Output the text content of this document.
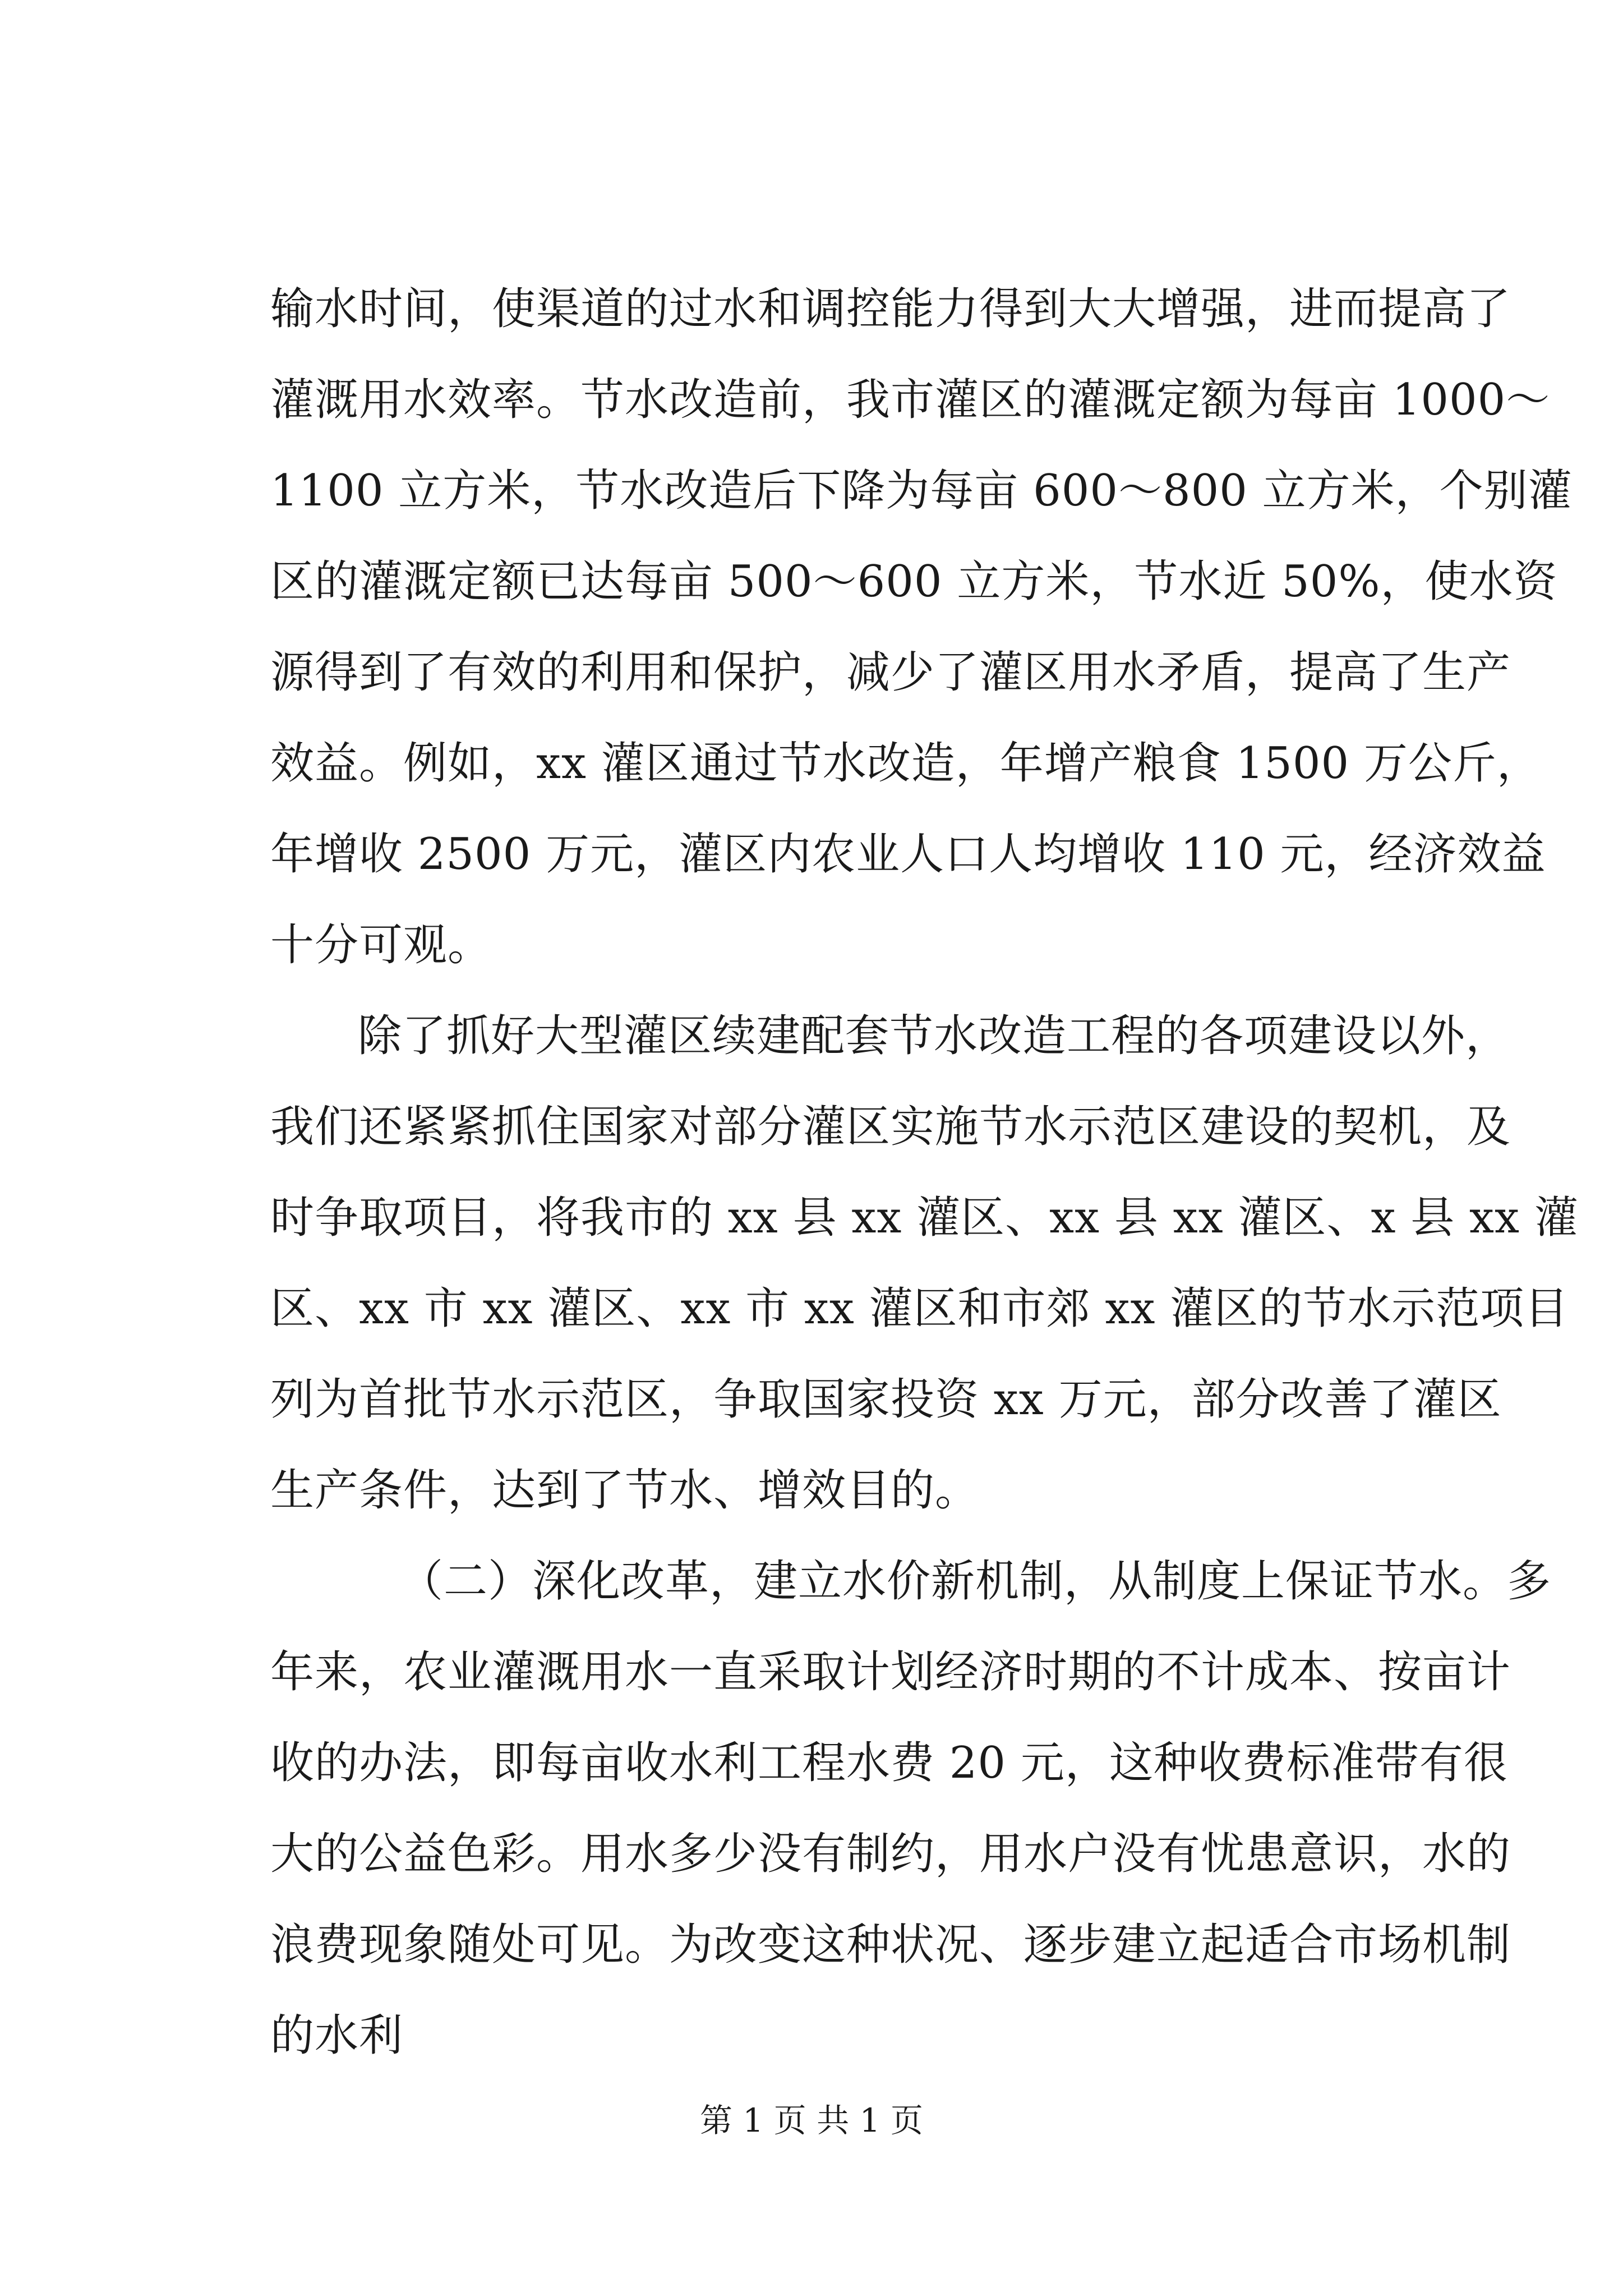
输水时间，使渠道的过水和调控能力得到大大增强，进而提高了
灌溉用水效率。节水改造前，我市灌区的灌溉定额为每亩 1000～
1100 立方米，节水改造后下降为每亩 600～800 立方米，个别灌
区的灌溉定额已达每亩 500～600 立方米，节水近 50%，使水资
源得到了有效的利用和保护，减少了灌区用水矛盾，提高了生产
效益。例如，xx 灌区通过节水改造，年增产粮食 1500 万公斤，
年增收 2500 万元，灌区内农业人口人均增收 110 元，经济效益
十分可观。
除了抓好大型灌区续建配套节水改造工程的各项建设以外，
我们还紧紧抓住国家对部分灌区实施节水示范区建设的契机，及
时争取项目，将我市的 xx 县 xx 灌区、xx 县 xx 灌区、x 县 xx 灌
区、xx 市 xx 灌区、xx 市 xx 灌区和市郊 xx 灌区的节水示范项目
列为首批节水示范区，争取国家投资 xx 万元，部分改善了灌区
生产条件，达到了节水、增效目的。
（二）深化改革，建立水价新机制，从制度上保证节水。多
年来，农业灌溉用水一直采取计划经济时期的不计成本、按亩计
收的办法，即每亩收水利工程水费 20 元，这种收费标准带有很
大的公益色彩。用水多少没有制约，用水户没有忧患意识，水的
浪费现象随处可见。为改变这种状况、逐步建立起适合市场机制
的水利
第 1 页 共 1 页
